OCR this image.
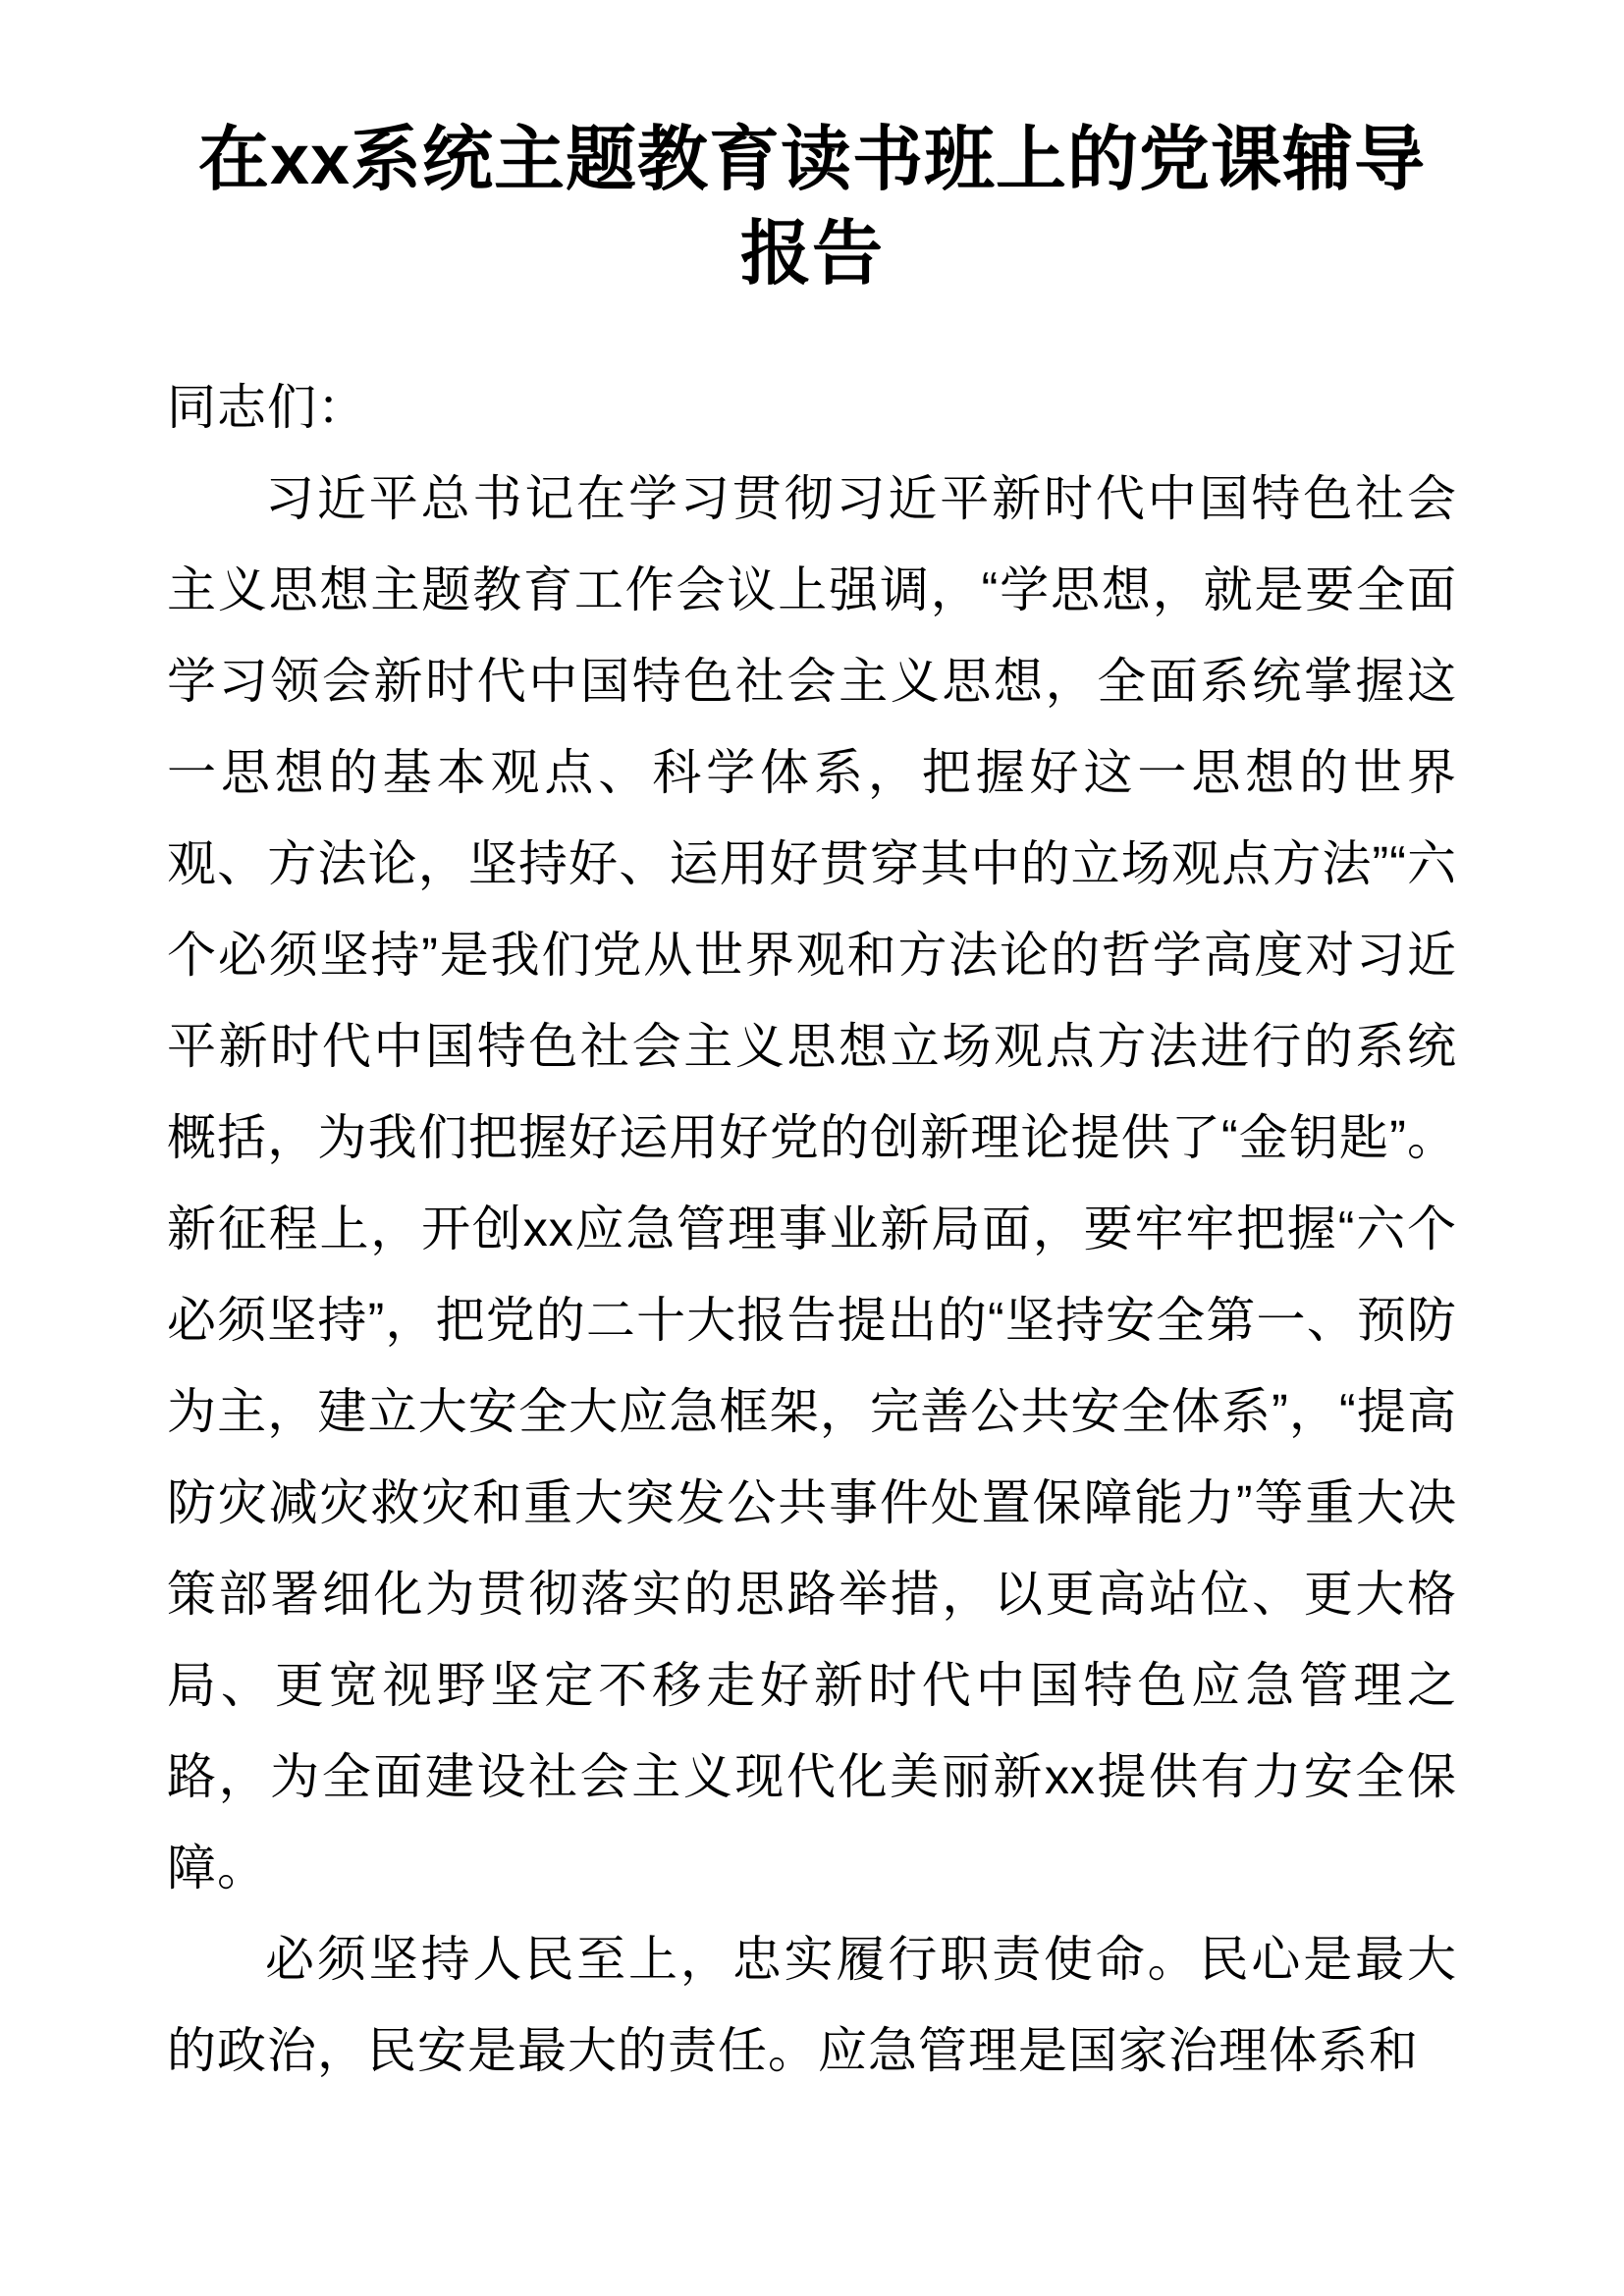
在xx系统主题教育读书班上的党课辅导报告

同志们：

习近平总书记在学习贯彻习近平新时代中国特色社会主义思想主题教育工作会议上强调，“学思想，就是要全面学习领会新时代中国特色社会主义思想，全面系统掌握这一思想的基本观点、科学体系，把握好这一思想的世界观、方法论，坚持好、运用好贯穿其中的立场观点方法”“六个必须坚持”是我们党从世界观和方法论的哲学高度对习近平新时代中国特色社会主义思想立场观点方法进行的系统概括，为我们把握好运用好党的创新理论提供了“金钥匙”。新征程上，开创xx应急管理事业新局面，要牢牢把握“六个必须坚持”，把党的二十大报告提出的“坚持安全第一、预防为主，建立大安全大应急框架，完善公共安全体系”，“提高防灾减灾救灾和重大突发公共事件处置保障能力”等重大决策部署细化为贯彻落实的思路举措，以更高站位、更大格局、更宽视野坚定不移走好新时代中国特色应急管理之路，为全面建设社会主义现代化美丽新xx提供有力安全保障。

必须坚持人民至上，忠实履行职责使命。民心是最大的政治，民安是最大的责任。应急管理是国家治理体系和
